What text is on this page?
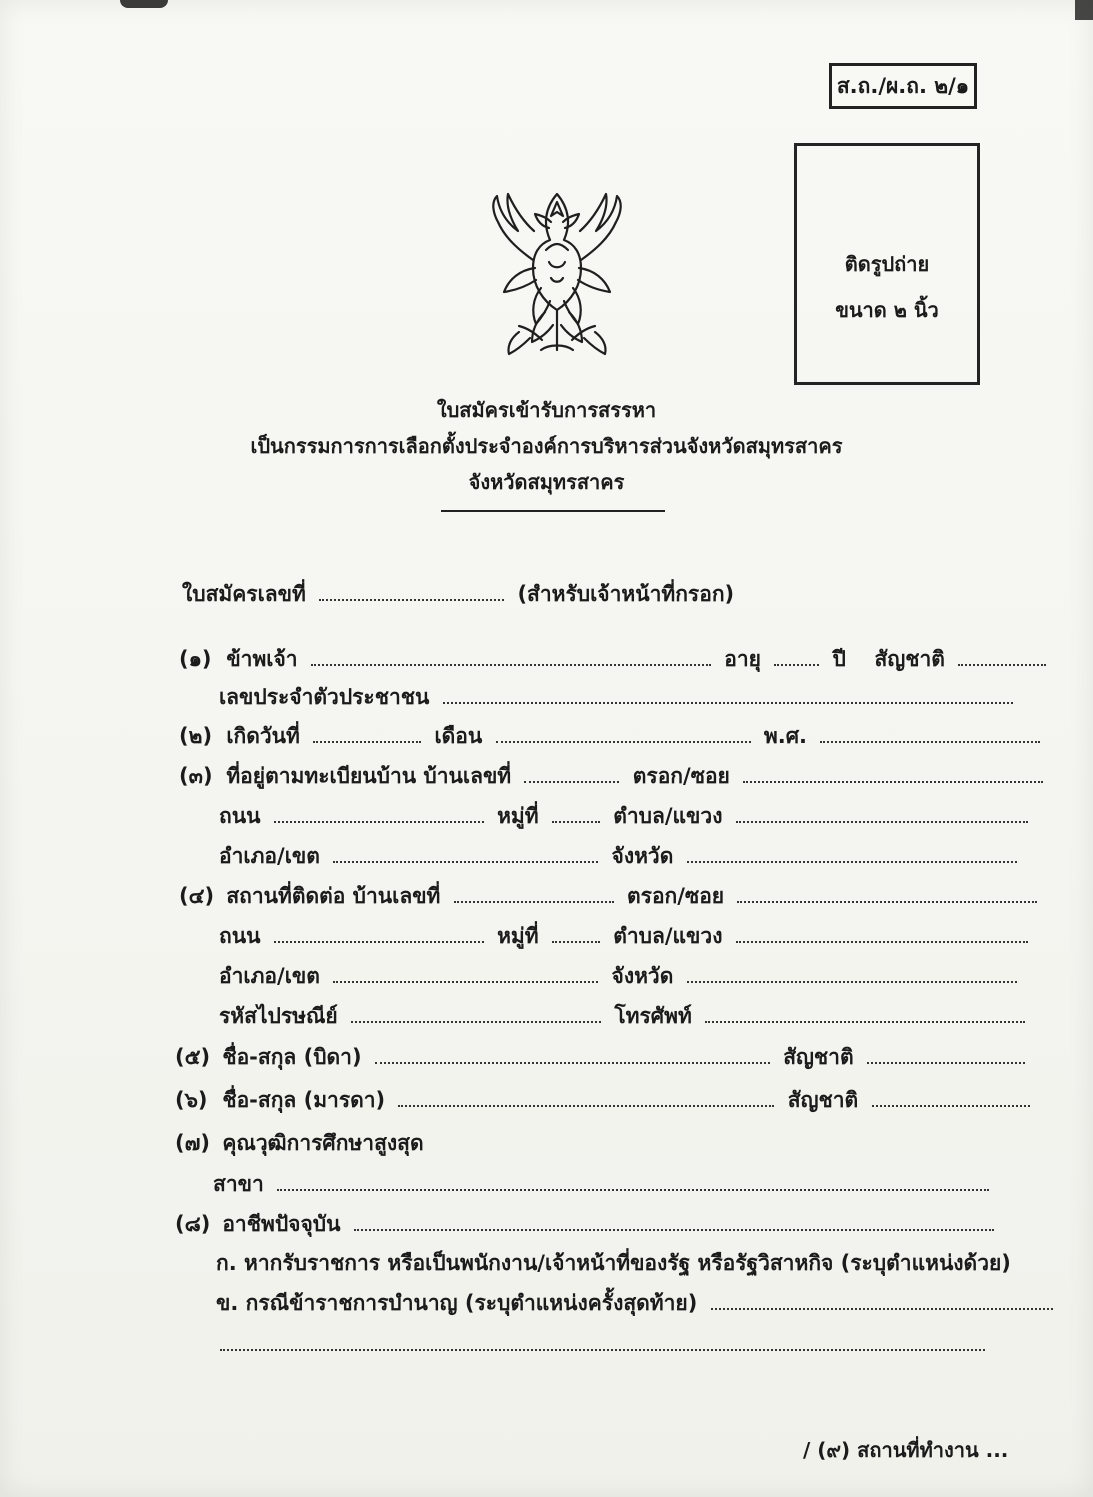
ส.ถ./ผ.ถ. ๒/๑
ติดรูปถ่าย
ขนาด ๒ นิ้ว
ใบสมัครเข้ารับการสรรหา
เป็นกรรมการการเลือกตั้งประจำองค์การบริหารส่วนจังหวัดสมุทรสาคร
จังหวัดสมุทรสาคร
ใบสมัครเลขที่	(สำหรับเจ้าหน้าที่กรอก)
(๑) ข้าพเจ้า	อายุ	ปี สัญชาติ
เลขประจำตัวประชาชน
(๒) เกิดวันที่	เดือน	พ.ศ.
(๓) ที่อยู่ตามทะเบียนบ้าน บ้านเลขที่	ตรอก/ซอย
ถนน	หมู่ที่	ตำบล/แขวง
อำเภอ/เขต	จังหวัด
(๔) สถานที่ติดต่อ บ้านเลขที่	ตรอก/ซอย
ถนน	หมู่ที่	ตำบล/แขวง
อำเภอ/เขต	จังหวัด
รหัสไปรษณีย์	โทรศัพท์
(๕) ชื่อ-สกุล (บิดา)	สัญชาติ
(๖) ชื่อ-สกุล (มารดา)	สัญชาติ
(๗) คุณวุฒิการศึกษาสูงสุด
สาขา
(๘) อาชีพปัจจุบัน
ก. หากรับราชการ หรือเป็นพนักงาน/เจ้าหน้าที่ของรัฐ หรือรัฐวิสาหกิจ (ระบุตำแหน่งด้วย)
ข. กรณีข้าราชการบำนาญ (ระบุตำแหน่งครั้งสุดท้าย)
/ (๙) สถานที่ทำงาน ...
